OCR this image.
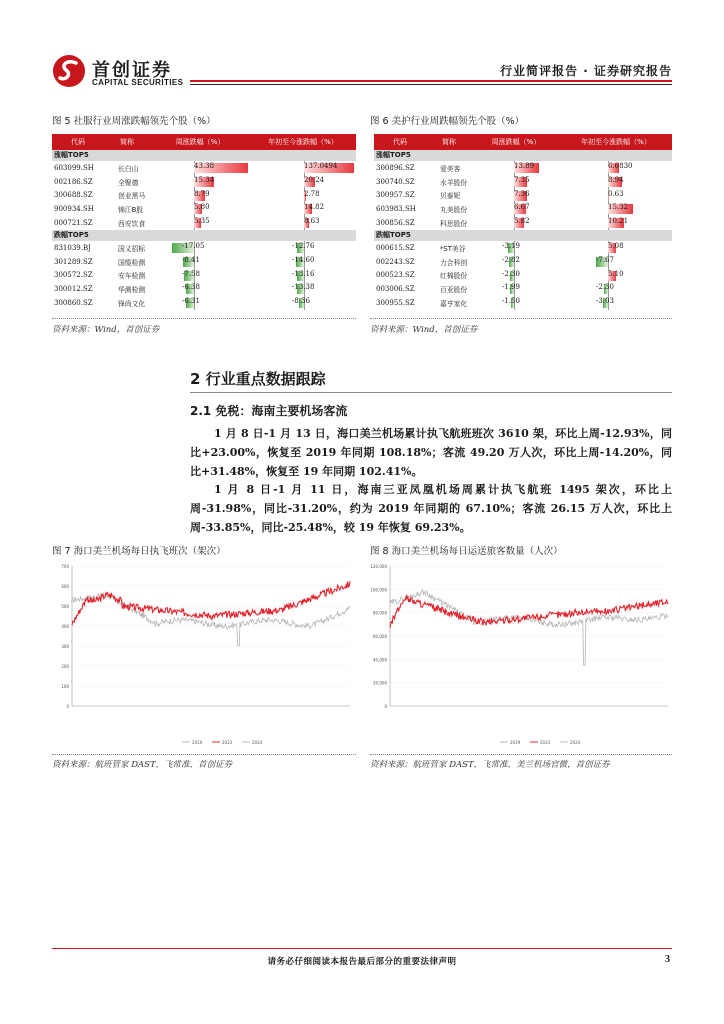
首创证券
CAPITAL SECURITIES
行业简评报告 · 证券研究报告
图 5 社服行业周涨跌幅领先个股（%）
代码	简称	周涨跌幅（%）	年初至今涨跌幅（%）
涨幅TOP5
603099.SH	长白山	43.38	137.0494
002186.SZ	全聚德	15.34	20.24
300688.SZ	创业黑马	8.79	2.78
900934.SH	锦江B股	5.80	14.82
000721.SZ	西安饮食	5.35	8.63
跌幅TOP5
831039.BJ	国义招标	-17.05	-12.76
301289.SZ	国缆检测	-8.41	-14.60
300572.SZ	安车检测	-7.58	-13.16
300012.SZ	华测检测	-6.38	-13.38
300860.SZ	锋尚文化	-6.31	-8.36
资料来源：Wind，首创证券
图 6 美护行业周跌幅领先个股（%）
代码	简称	周涨跌幅（%）	年初至今涨跌幅（%）
涨幅TOP5
300896.SZ	爱美客	13.89	6.6830
300740.SZ	水羊股份	7.35	8.94
300957.SZ	贝泰妮	7.36	0.63
603983.SH	丸美股份	6.67	15.32
300856.SZ	科思股份	5.82	10.21
跌幅TOP5
000615.SZ	*ST美谷	-3.19	5.08
002243.SZ	力合科创	-2.82	-7.67
000523.SZ	红棉股份	-2.30	5.10
003006.SZ	百亚股份	-1.99	-2.30
300955.SZ	嘉亨家化	-1.50	-3.03
资料来源：Wind，首创证券
2 行业重点数据跟踪
2.1 免税：海南主要机场客流

1 月 8 日-1 月 13 日，海口美兰机场累计执飞航班班次 3610 架，环比上周-12.93%，同比+23.00%，恢复至 2019 年同期 108.18%；客流 49.20 万人次，环比上周-14.20%，同比+31.48%，恢复至 19 年同期 102.41%。

1 月 8 日-1 月 11 日，海南三亚凤凰机场周累计执飞航班 1495 架次，环比上周-31.98%，同比-31.20%，约为 2019 年同期的 67.10%；客流 26.15 万人次，环比上周-33.85%，同比-25.48%，较 19 年恢复 69.23%。

图 7 海口美兰机场每日执飞班次（架次）
0
100
200
300
400
500
600
700
2019	2023	2024
资料来源：航班管家 DAST，飞常准，首创证券
图 8 海口美兰机场每日运送旅客数量（人次）
0
20,000
40,000
60,000
80,000
100,000
120,000
2019	2023	2024
资料来源：航班管家 DAST，飞常准，美兰机场官微，首创证券
请务必仔细阅读本报告最后部分的重要法律声明	3
